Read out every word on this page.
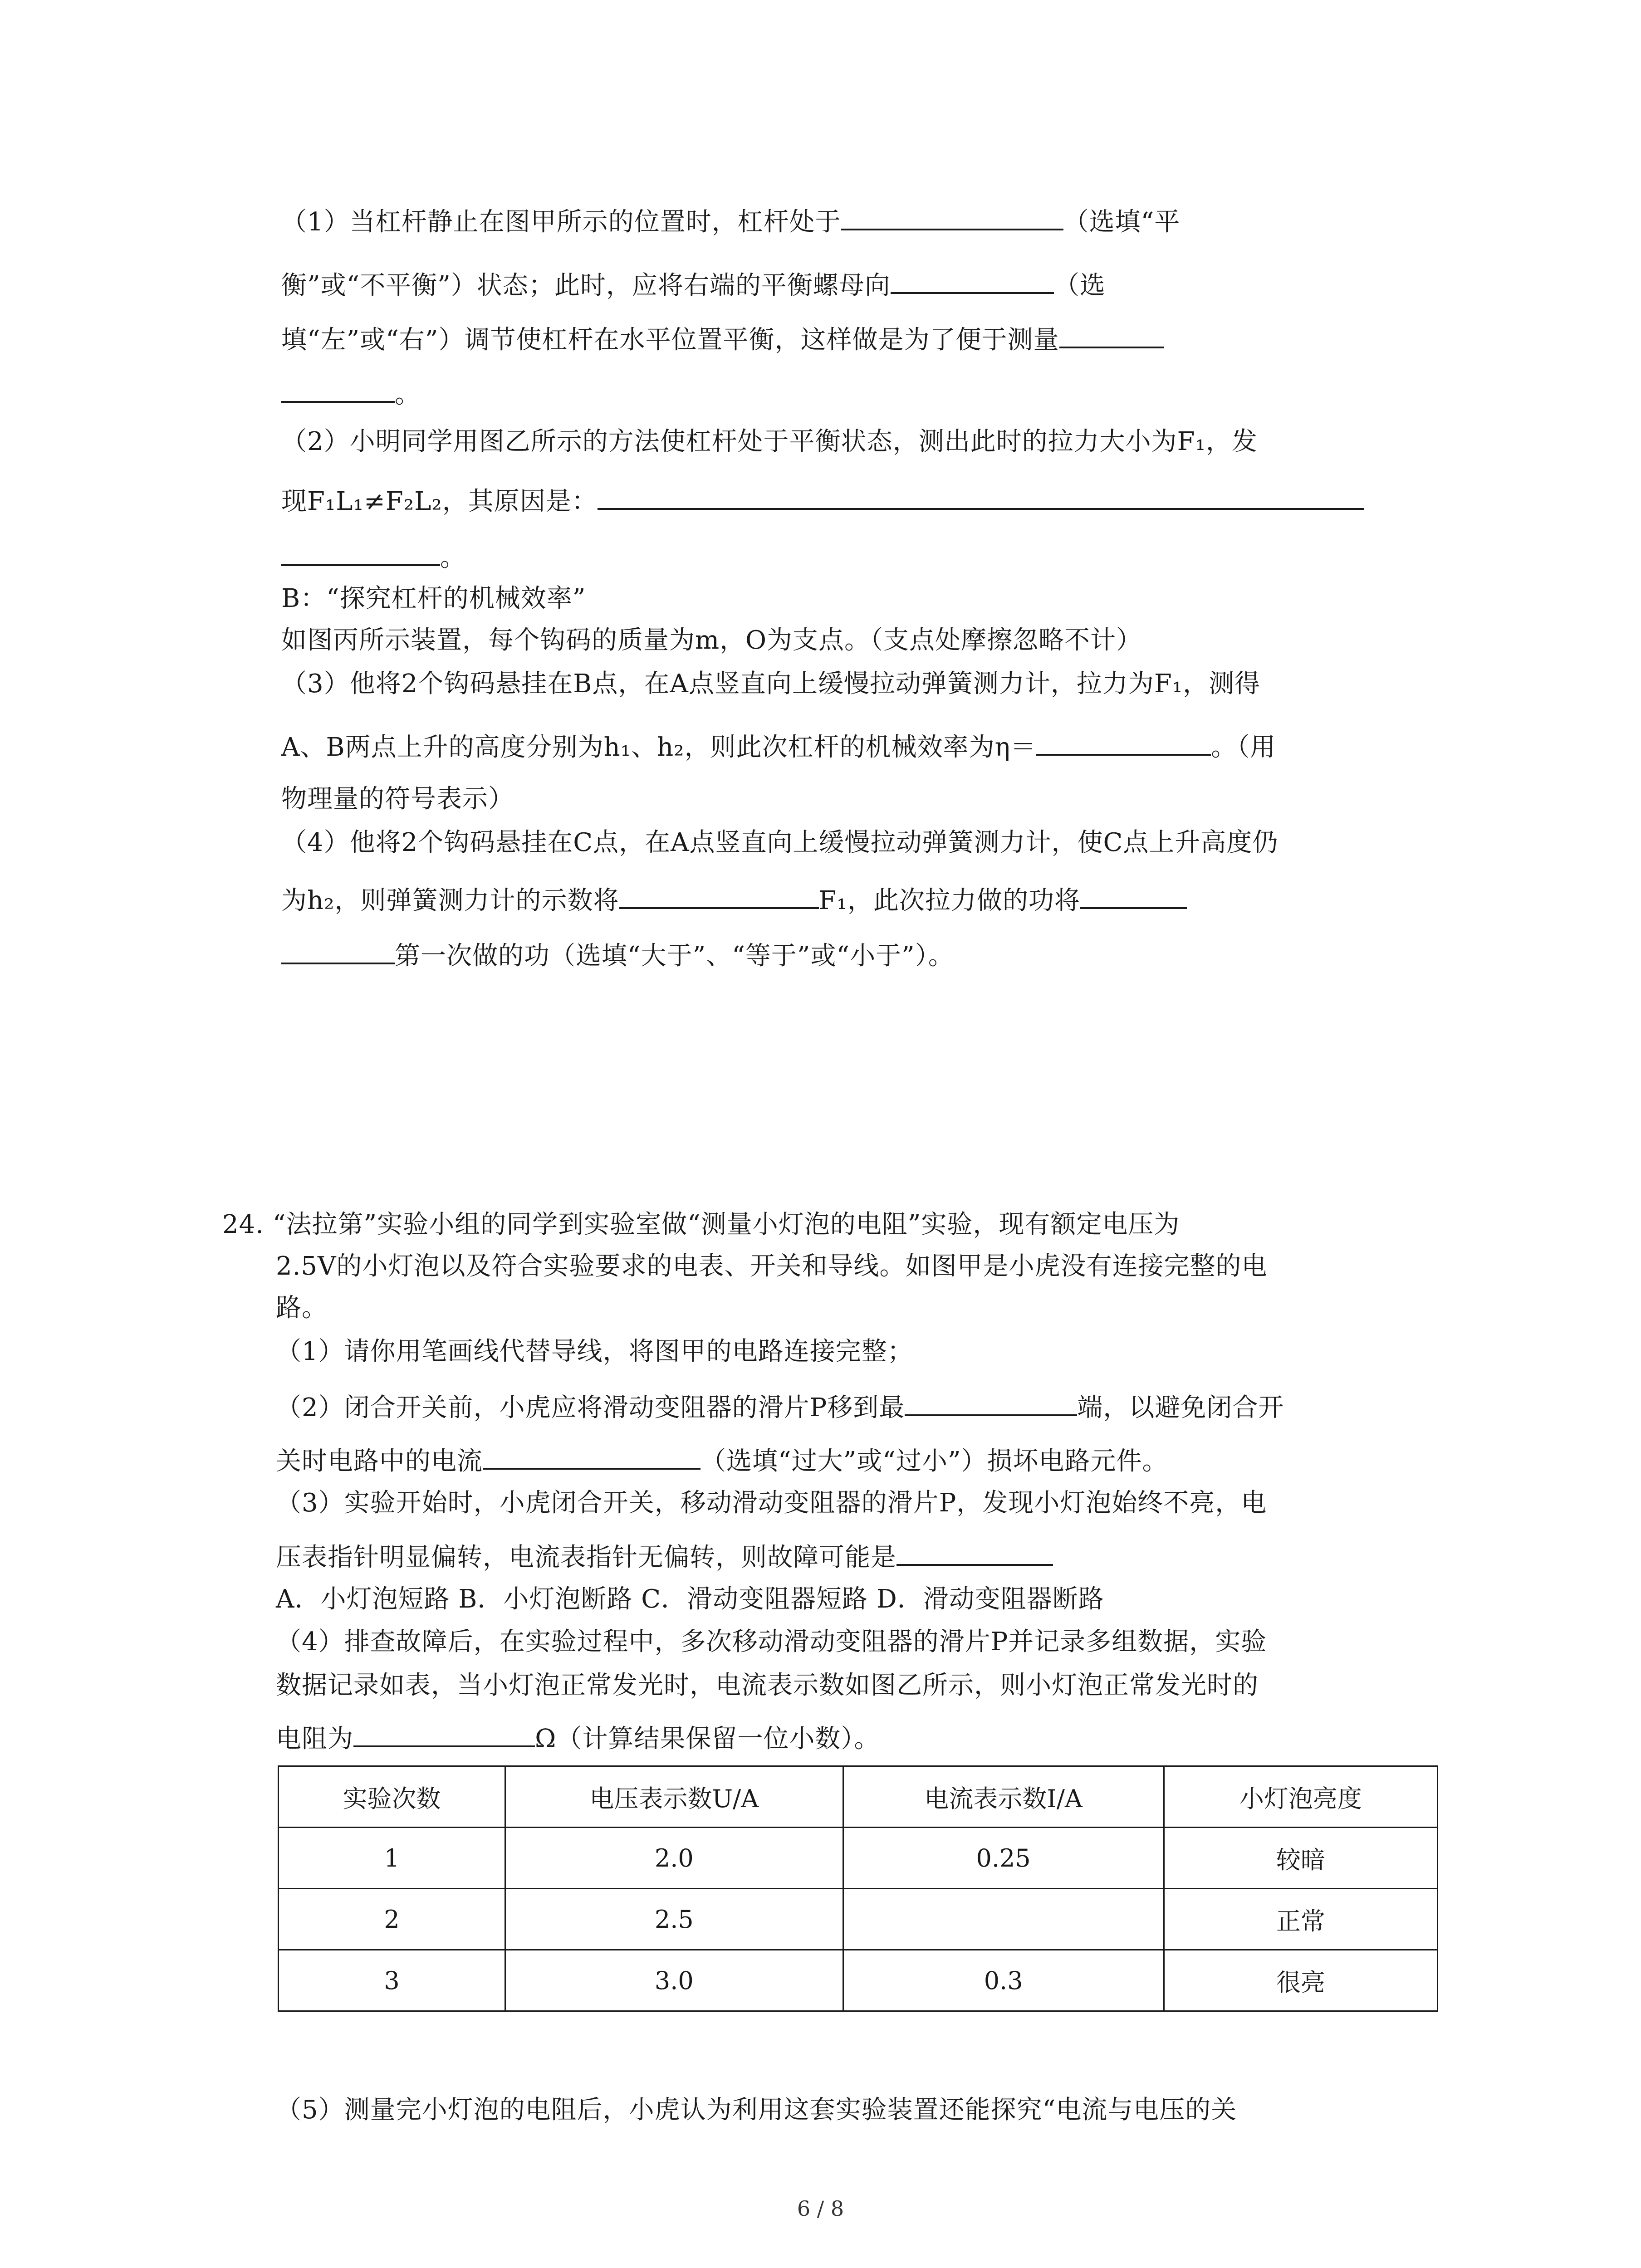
（1）当杠杆静止在图甲所示的位置时，杠杆处于	（选填“平
衡”或“不平衡”）状态；此时，应将右端的平衡螺母向	（选
填“左”或“右”）调节使杠杆在水平位置平衡，这样做是为了便于测量
。
（2）小明同学用图乙所示的方法使杠杆处于平衡状态，测出此时的拉力大小为F₁，发
现F₁L₁≠F₂L₂，其原因是：
。
B：“探究杠杆的机械效率”
如图丙所示装置，每个钩码的质量为m，O为支点。（支点处摩擦忽略不计）
（3）他将2个钩码悬挂在B点，在A点竖直向上缓慢拉动弹簧测力计，拉力为F₁，测得
A、B两点上升的高度分别为h₁、h₂，则此次杠杆的机械效率为η＝	。（用
物理量的符号表示）
（4）他将2个钩码悬挂在C点，在A点竖直向上缓慢拉动弹簧测力计，使C点上升高度仍
为h₂，则弹簧测力计的示数将	F₁，此次拉力做的功将
第一次做的功（选填“大于”、“等于”或“小于”）。
24. “法拉第”实验小组的同学到实验室做“测量小灯泡的电阻”实验，现有额定电压为
2.5V的小灯泡以及符合实验要求的电表、开关和导线。如图甲是小虎没有连接完整的电
路。
（1）请你用笔画线代替导线，将图甲的电路连接完整；
（2）闭合开关前，小虎应将滑动变阻器的滑片P移到最	端，以避免闭合开
关时电路中的电流	（选填“过大”或“过小”）损坏电路元件。
（3）实验开始时，小虎闭合开关，移动滑动变阻器的滑片P，发现小灯泡始终不亮，电
压表指针明显偏转，电流表指针无偏转，则故障可能是
A．小灯泡短路 B．小灯泡断路 C．滑动变阻器短路 D．滑动变阻器断路
（4）排查故障后，在实验过程中，多次移动滑动变阻器的滑片P并记录多组数据，实验
数据记录如表，当小灯泡正常发光时，电流表示数如图乙所示，则小灯泡正常发光时的
电阻为	Ω（计算结果保留一位小数）。
实验次数	电压表示数U/A	电流表示数I/A	小灯泡亮度
1	2.0	0.25	较暗
2	2.5		正常
3	3.0	0.3	很亮
（5）测量完小灯泡的电阻后，小虎认为利用这套实验装置还能探究“电流与电压的关
6 / 8
